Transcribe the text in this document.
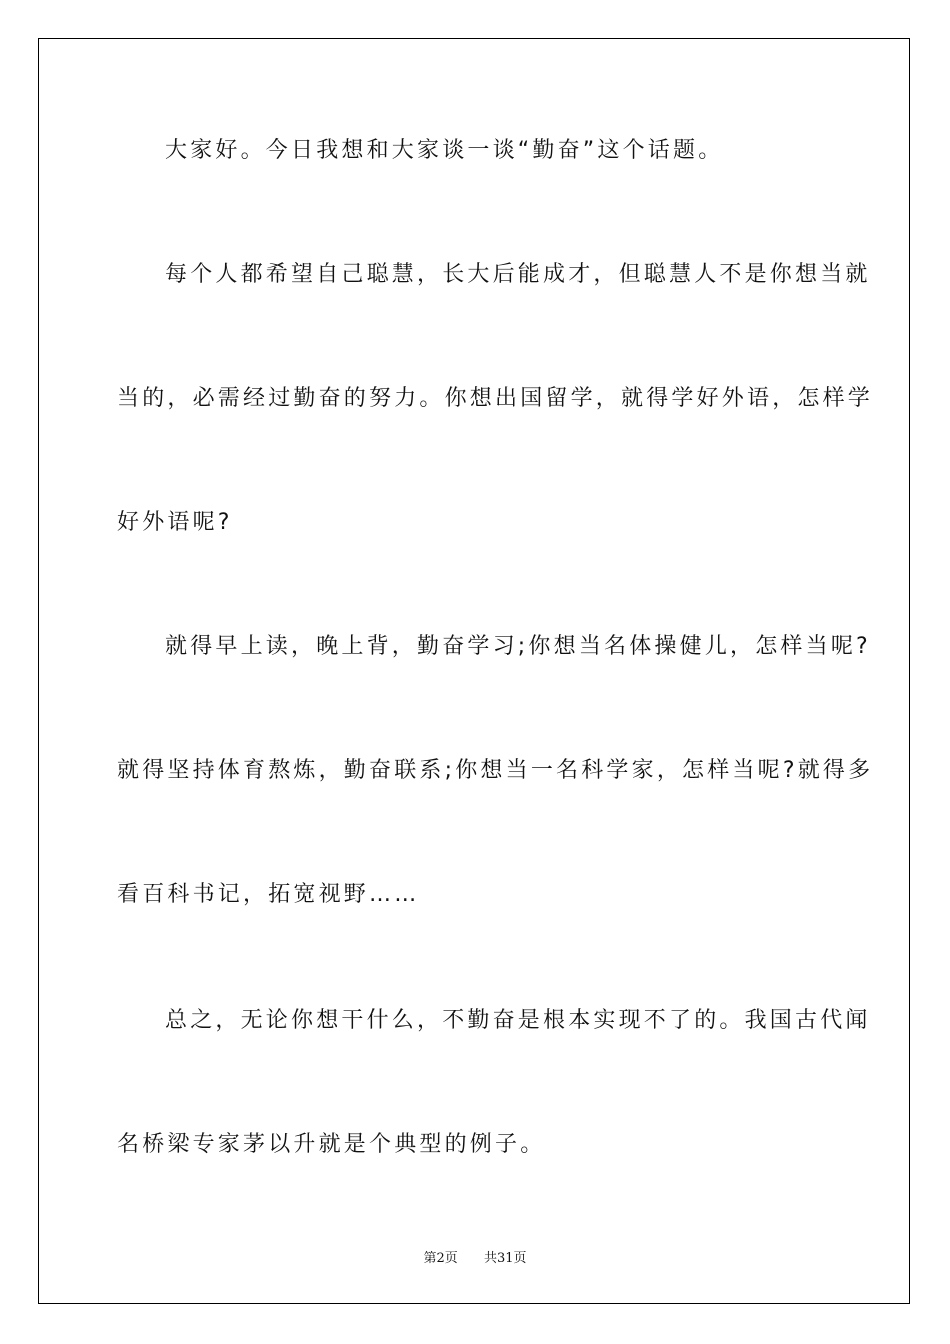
大家好。今日我想和大家谈一谈“勤奋”这个话题。
每个人都希望自己聪慧，长大后能成才，但聪慧人不是你想当就
当的，必需经过勤奋的努力。你想出国留学，就得学好外语，怎样学
好外语呢?
就得早上读，晚上背，勤奋学习;你想当名体操健儿，怎样当呢?
就得坚持体育熬炼，勤奋联系;你想当一名科学家，怎样当呢?就得多
看百科书记，拓宽视野……
总之，无论你想干什么，不勤奋是根本实现不了的。我国古代闻
名桥梁专家茅以升就是个典型的例子。
第2页 共31页
